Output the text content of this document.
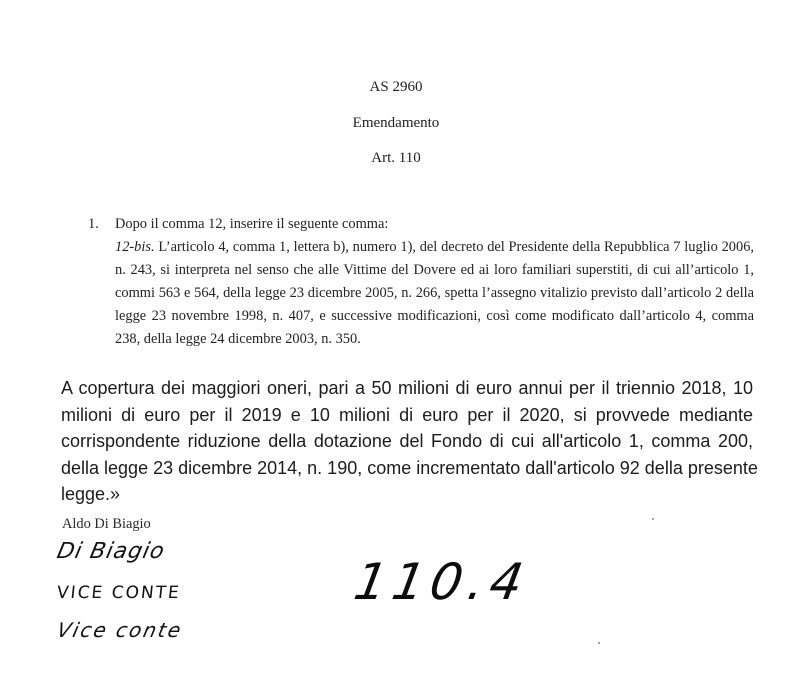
AS 2960
Emendamento
Art. 110
1. Dopo il comma 12, inserire il seguente comma:
12-bis. L’articolo 4, comma 1, lettera b), numero 1), del decreto del Presidente della Repubblica 7 luglio 2006, n. 243, si interpreta nel senso che alle Vittime del Dovere ed ai loro familiari superstiti, di cui all’articolo 1, commi 563 e 564, della legge 23 dicembre 2005, n. 266, spetta l’assegno vitalizio previsto dall’articolo 2 della legge 23 novembre 1998, n. 407, e successive modificazioni, così come modificato dall’articolo 4, comma 238, della legge 24 dicembre 2003, n. 350.
A copertura dei maggiori oneri, pari a 50 milioni di euro annui per il triennio 2018, 10
milioni di euro per il 2019 e 10 milioni di euro per il 2020, si provvede mediante
corrispondente riduzione della dotazione del Fondo di cui all'articolo 1, comma 200,
della legge 23 dicembre 2014, n. 190, come incrementato dall'articolo 92 della presente
legge.»
Aldo Di Biagio
Di Biagio
VICE CONTE
Vice conte
110.4
